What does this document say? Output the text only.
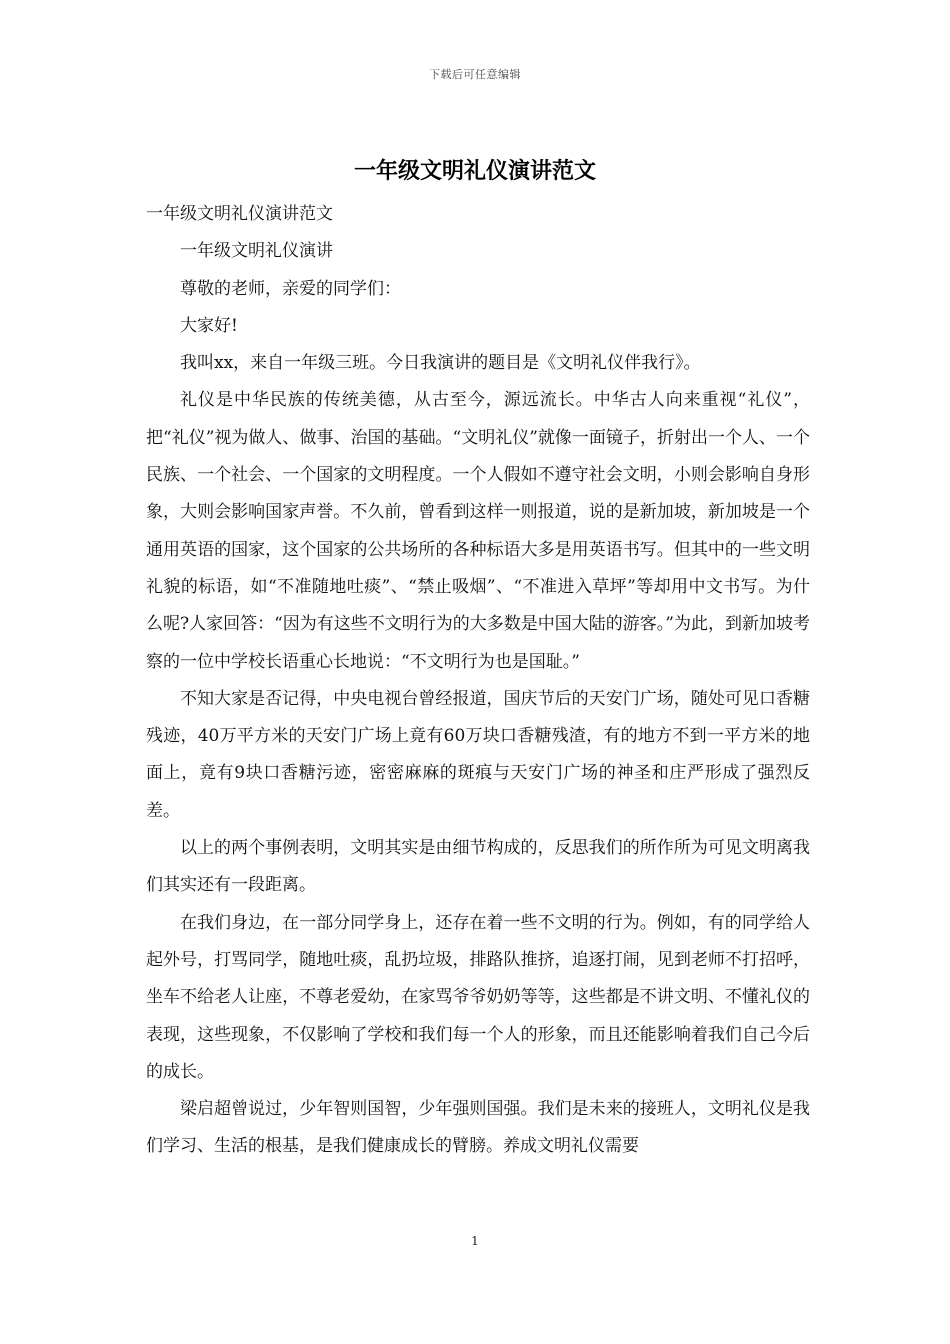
下载后可任意编辑
一年级文明礼仪演讲范文

一年级文明礼仪演讲范文

一年级文明礼仪演讲

尊敬的老师，亲爱的同学们：

大家好!

我叫xx，来自一年级三班。今日我演讲的题目是《文明礼仪伴我行》。

礼仪是中华民族的传统美德，从古至今，源远流长。中华古人向来重视“礼仪”，把“礼仪”视为做人、做事、治国的基础。“文明礼仪”就像一面镜子，折射出一个人、一个民族、一个社会、一个国家的文明程度。一个人假如不遵守社会文明，小则会影响自身形象，大则会影响国家声誉。不久前，曾看到这样一则报道，说的是新加坡，新加坡是一个通用英语的国家，这个国家的公共场所的各种标语大多是用英语书写。但其中的一些文明礼貌的标语，如“不准随地吐痰”、“禁止吸烟”、“不准进入草坪”等却用中文书写。为什么呢?人家回答：“因为有这些不文明行为的大多数是中国大陆的游客。”为此，到新加坡考察的一位中学校长语重心长地说：“不文明行为也是国耻。”

不知大家是否记得，中央电视台曾经报道，国庆节后的天安门广场，随处可见口香糖残迹，40万平方米的天安门广场上竟有60万块口香糖残渣，有的地方不到一平方米的地面上，竟有9块口香糖污迹，密密麻麻的斑痕与天安门广场的神圣和庄严形成了强烈反差。

以上的两个事例表明，文明其实是由细节构成的，反思我们的所作所为可见文明离我们其实还有一段距离。

在我们身边，在一部分同学身上，还存在着一些不文明的行为。例如，有的同学给人起外号，打骂同学，随地吐痰，乱扔垃圾，排路队推挤，追逐打闹，见到老师不打招呼，坐车不给老人让座，不尊老爱幼，在家骂爷爷奶奶等等，这些都是不讲文明、不懂礼仪的表现，这些现象，不仅影响了学校和我们每一个人的形象，而且还能影响着我们自己今后的成长。

梁启超曾说过，少年智则国智，少年强则国强。我们是未来的接班人，文明礼仪是我们学习、生活的根基，是我们健康成长的臂膀。养成文明礼仪需要

1
